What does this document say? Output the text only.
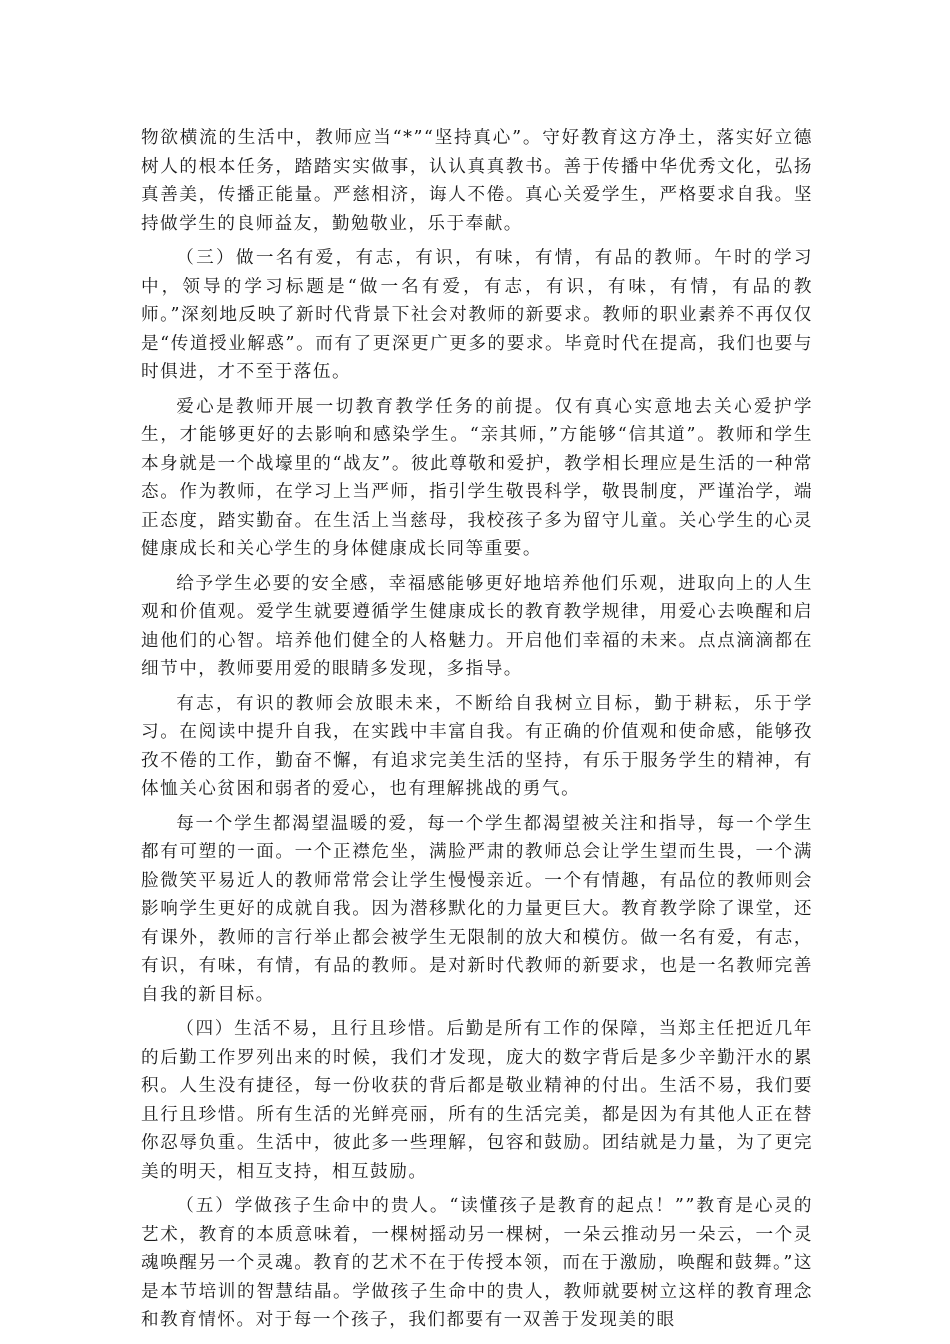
物欲横流的生活中，教师应当“*”“坚持真心”。守好教育这方净土，落实好立德树人的根本任务，踏踏实实做事，认认真真教书。善于传播中华优秀文化，弘扬真善美，传播正能量。严慈相济，诲人不倦。真心关爱学生，严格要求自我。坚持做学生的良师益友，勤勉敬业，乐于奉献。

（三）做一名有爱，有志，有识，有味，有情，有品的教师。午时的学习中，领导的学习标题是“做一名有爱，有志，有识，有味，有情，有品的教师。”深刻地反映了新时代背景下社会对教师的新要求。教师的职业素养不再仅仅是“传道授业解惑”。而有了更深更广更多的要求。毕竟时代在提高，我们也要与时俱进，才不至于落伍。

爱心是教师开展一切教育教学任务的前提。仅有真心实意地去关心爱护学生，才能够更好的去影响和感染学生。“亲其师，”方能够“信其道”。教师和学生本身就是一个战壕里的“战友”。彼此尊敬和爱护，教学相长理应是生活的一种常态。作为教师，在学习上当严师，指引学生敬畏科学，敬畏制度，严谨治学，端正态度，踏实勤奋。在生活上当慈母，我校孩子多为留守儿童。关心学生的心灵健康成长和关心学生的身体健康成长同等重要。

给予学生必要的安全感，幸福感能够更好地培养他们乐观，进取向上的人生观和价值观。爱学生就要遵循学生健康成长的教育教学规律，用爱心去唤醒和启迪他们的心智。培养他们健全的人格魅力。开启他们幸福的未来。点点滴滴都在细节中，教师要用爱的眼睛多发现，多指导。

有志，有识的教师会放眼未来，不断给自我树立目标，勤于耕耘，乐于学习。在阅读中提升自我，在实践中丰富自我。有正确的价值观和使命感，能够孜孜不倦的工作，勤奋不懈，有追求完美生活的坚持，有乐于服务学生的精神，有体恤关心贫困和弱者的爱心，也有理解挑战的勇气。

每一个学生都渴望温暖的爱，每一个学生都渴望被关注和指导，每一个学生都有可塑的一面。一个正襟危坐，满脸严肃的教师总会让学生望而生畏，一个满脸微笑平易近人的教师常常会让学生慢慢亲近。一个有情趣，有品位的教师则会影响学生更好的成就自我。因为潜移默化的力量更巨大。教育教学除了课堂，还有课外，教师的言行举止都会被学生无限制的放大和模仿。做一名有爱，有志，有识，有味，有情，有品的教师。是对新时代教师的新要求，也是一名教师完善自我的新目标。

（四）生活不易，且行且珍惜。后勤是所有工作的保障，当郑主任把近几年的后勤工作罗列出来的时候，我们才发现，庞大的数字背后是多少辛勤汗水的累积。人生没有捷径，每一份收获的背后都是敬业精神的付出。生活不易，我们要且行且珍惜。所有生活的光鲜亮丽，所有的生活完美，都是因为有其他人正在替你忍辱负重。生活中，彼此多一些理解，包容和鼓励。团结就是力量，为了更完美的明天，相互支持，相互鼓励。

（五）学做孩子生命中的贵人。“读懂孩子是教育的起点！””教育是心灵的艺术，教育的本质意味着，一棵树摇动另一棵树，一朵云推动另一朵云，一个灵魂唤醒另一个灵魂。教育的艺术不在于传授本领，而在于激励，唤醒和鼓舞。”这是本节培训的智慧结晶。学做孩子生命中的贵人，教师就要树立这样的教育理念和教育情怀。对于每一个孩子，我们都要有一双善于发现美的眼
